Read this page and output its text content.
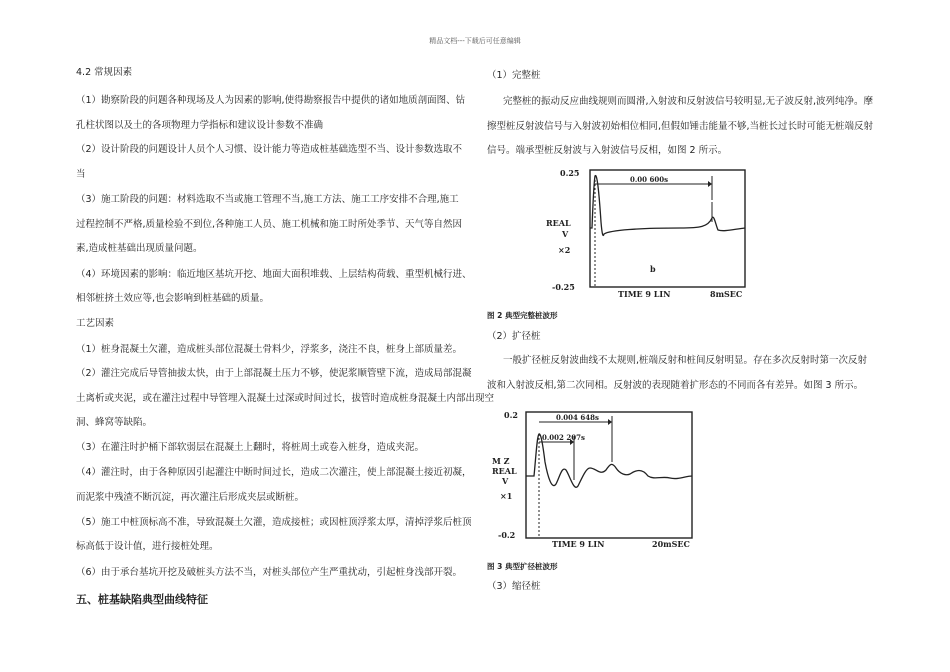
精品文档---下载后可任意编辑

4.2 常规因素

（1）勘察阶段的问题各种现场及人为因素的影响,使得勘察报告中提供的诸如地质剖面图、钻

孔柱状图以及土的各项物理力学指标和建议设计参数不准确

（2）设计阶段的问题设计人员个人习惯、设计能力等造成桩基础选型不当、设计参数选取不

当

（3）施工阶段的问题：材料选取不当或施工管理不当,施工方法、施工工序安排不合理,施工

过程控制不严格,质量检验不到位,各种施工人员、施工机械和施工时所处季节、天气等自然因

素,造成桩基础出现质量问题。

（4）环境因素的影响：临近地区基坑开挖、地面大面积堆载、上层结构荷载、重型机械行进、

相邻桩挤土效应等,也会影响到桩基础的质量。

工艺因素

（1）桩身混凝土欠灌，造成桩头部位混凝土骨料少，浮浆多，浇注不良，桩身上部质量差。

（2）灌注完成后导管抽拔太快，由于上部混凝土压力不够，使泥浆顺管壁下流，造成局部混凝

土离析或夹泥，或在灌注过程中导管埋入混凝土过深或时间过长，拔管时造成桩身混凝土内部出现空

洞、蜂窝等缺陷。

（3）在灌注时护桶下部软弱层在混凝土上翻时，将桩周土或卷入桩身，造成夹泥。

（4）灌注时，由于各种原因引起灌注中断时间过长，造成二次灌注，使上部混凝土接近初凝，

而泥浆中残渣不断沉淀，再次灌注后形成夹层或断桩。

（5）施工中桩顶标高不准，导致混凝土欠灌，造成接桩；或因桩顶浮浆太厚，清掉浮浆后桩顶

标高低于设计值，进行接桩处理。

（6）由于承台基坑开挖及破桩头方法不当，对桩头部位产生严重扰动，引起桩身浅部开裂。

五、桩基缺陷典型曲线特征

（1）完整桩

完整桩的振动反应曲线规则而圆滑,入射波和反射波信号较明显,无子波反射,波列纯净。摩

擦型桩反射波信号与入射波初始相位相同,但假如锤击能量不够,当桩长过长时可能无桩端反射

信号。端承型桩反射波与入射波信号反相，如图 2 所示。

图 2 典型完整桩波形

（2）扩径桩

一般扩径桩反射波曲线不太规则,桩端反射和桩间反射明显。存在多次反射时第一次反射

波和入射波反相,第二次同相。反射波的表现随着扩形态的不同而各有差异。如图 3 所示。

图 3 典型扩径桩波形

（3）缩径桩

0.25
-0.25
REAL
V
×2
0.00 600s
b
TIME 9 LIN	8mSEC
0.2
-0.2
M Z
REAL
V
×1
0.004 648s
0.002 207s
TIME 9 LIN	20mSEC
